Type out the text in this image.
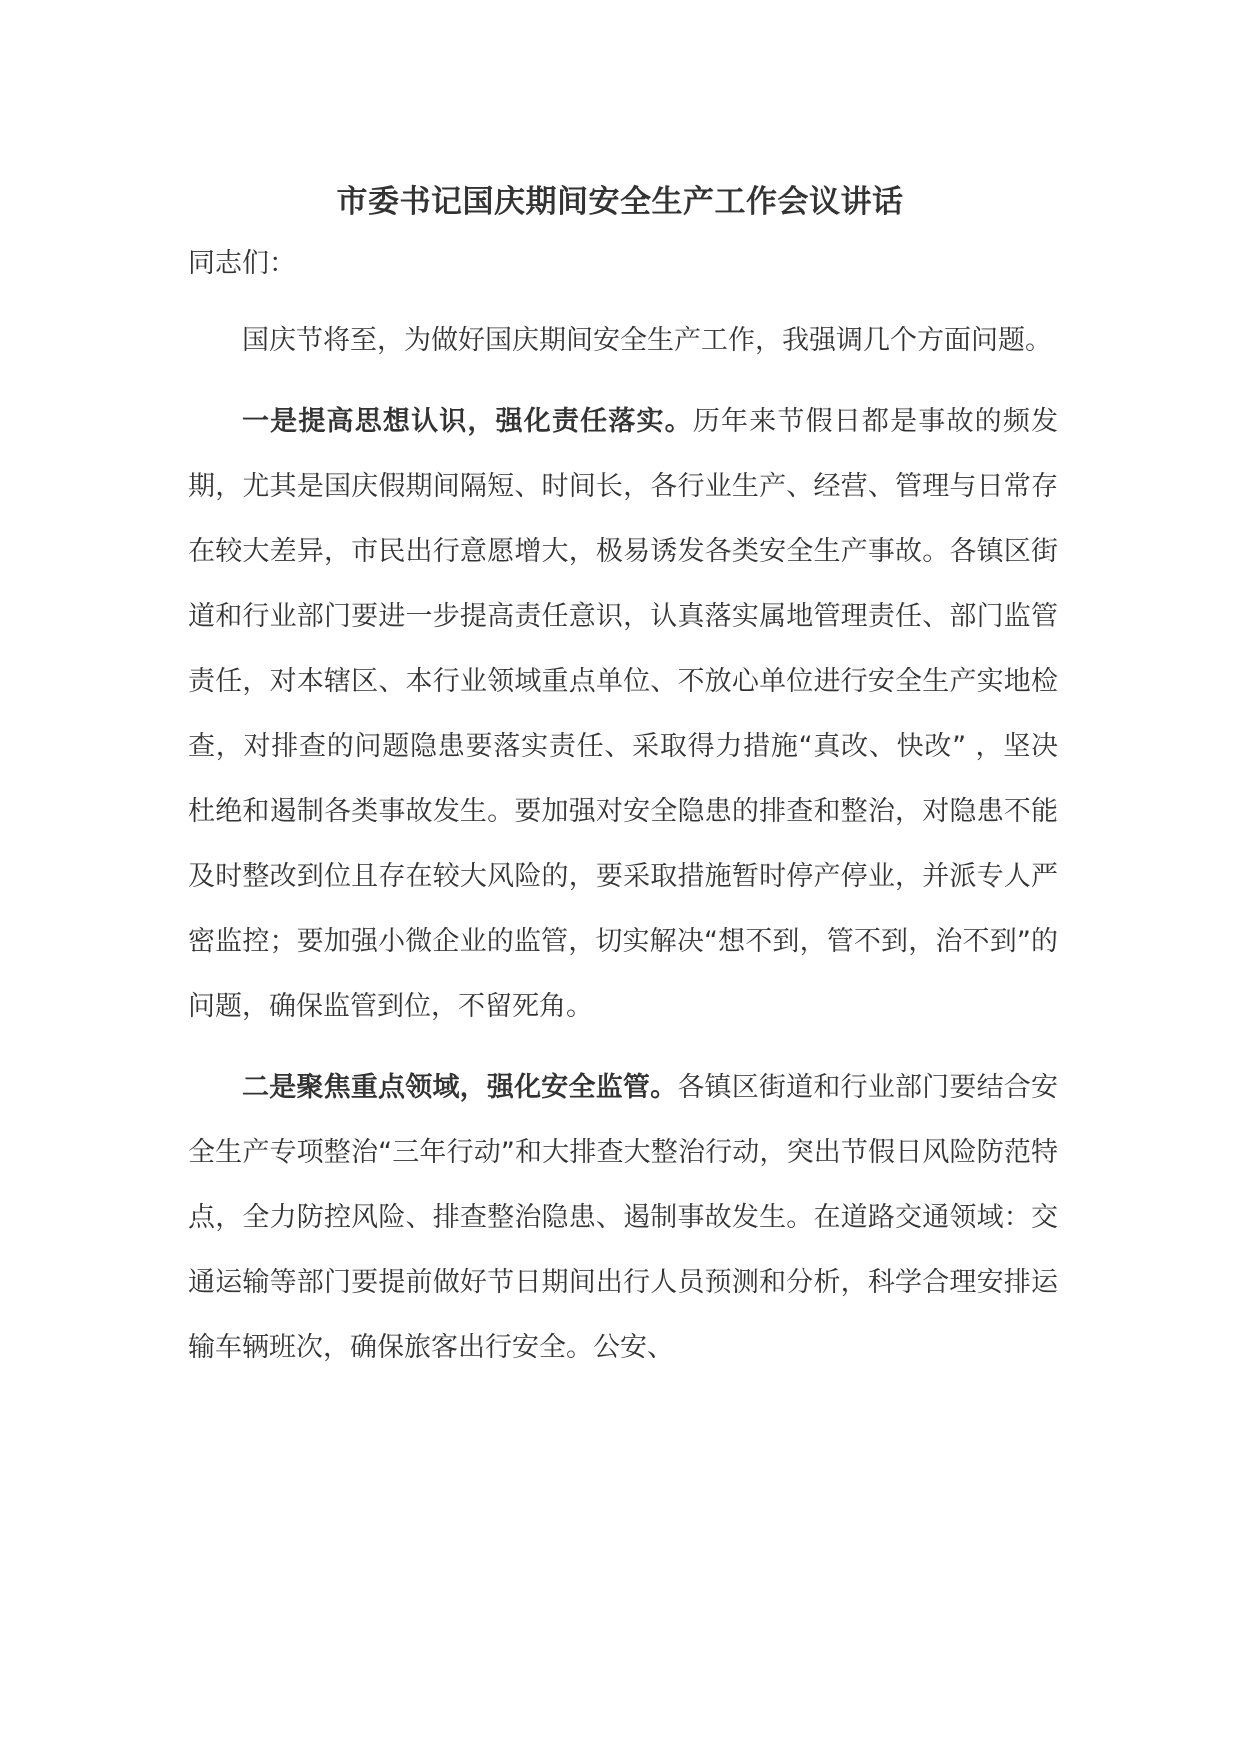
市委书记国庆期间安全生产工作会议讲话
同志们：

国庆节将至，为做好国庆期间安全生产工作，我强调几个方面问题。

一是提高思想认识，强化责任落实。历年来节假日都是事故的频发期，尤其是国庆假期间隔短、时间长，各行业生产、经营、管理与日常存在较大差异，市民出行意愿增大，极易诱发各类安全生产事故。各镇区街道和行业部门要进一步提高责任意识，认真落实属地管理责任、部门监管责任，对本辖区、本行业领域重点单位、不放心单位进行安全生产实地检查，对排查的问题隐患要落实责任、采取得力措施“真改、快改” ，坚决杜绝和遏制各类事故发生。要加强对安全隐患的排查和整治，对隐患不能及时整改到位且存在较大风险的，要采取措施暂时停产停业，并派专人严密监控；要加强小微企业的监管，切实解决“想不到，管不到，治不到”的问题，确保监管到位，不留死角。

二是聚焦重点领域，强化安全监管。各镇区街道和行业部门要结合安全生产专项整治“三年行动”和大排查大整治行动，突出节假日风险防范特点，全力防控风险、排查整治隐患、遏制事故发生。在道路交通领域：交通运输等部门要提前做好节日期间出行人员预测和分析，科学合理安排运输车辆班次，确保旅客出行安全。公安、
